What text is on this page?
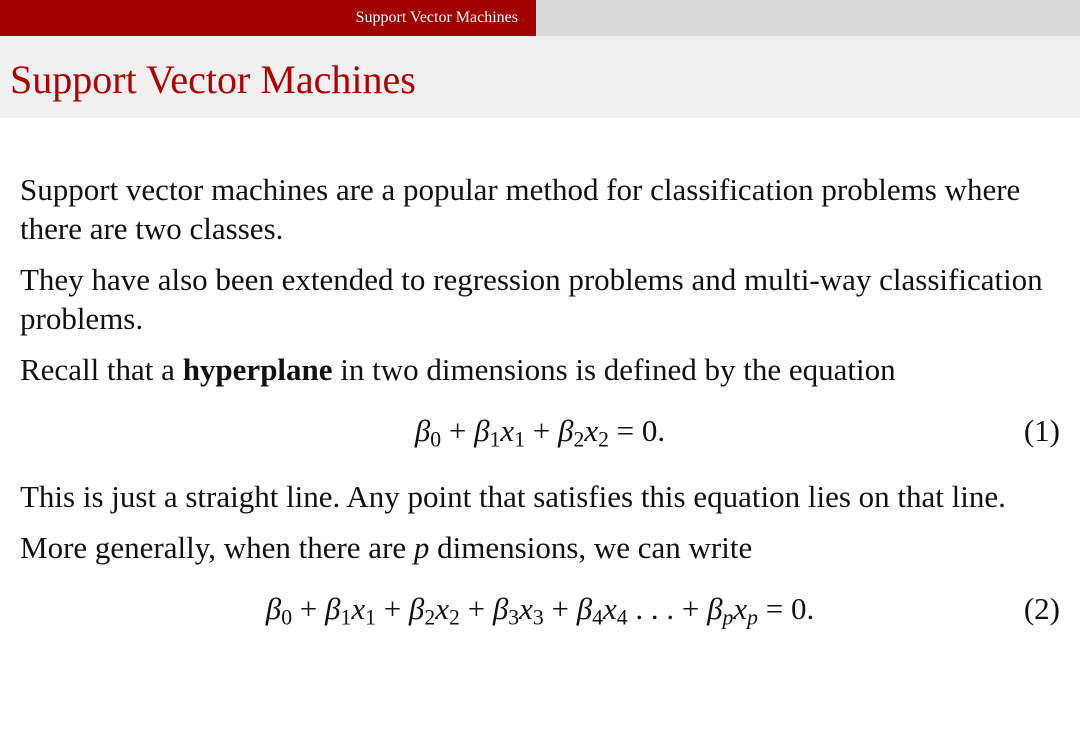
Support Vector Machines
Support Vector Machines

Support vector machines are a popular method for classification problems where there are two classes.

They have also been extended to regression problems and multi-way classification problems.

Recall that a hyperplane in two dimensions is defined by the equation

$\beta_0 + \beta_1x_1 + \beta_2x_2 = 0$.	(1)

This is just a straight line. Any point that satisfies this equation lies on that line.

More generally, when there are p dimensions, we can write

$\beta_0 + \beta_1x_1 + \beta_2x_2 + \beta_3x_3 + \beta_4x_4$ . . . + $\beta_px_p = 0$.	(2)
